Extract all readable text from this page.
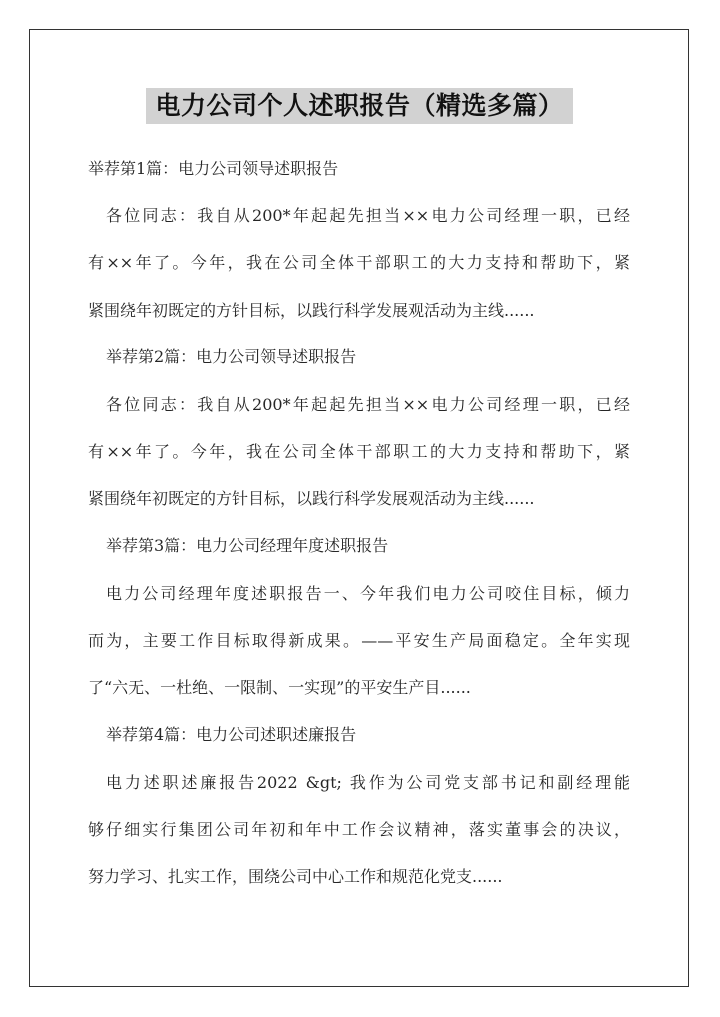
电力公司个人述职报告（精选多篇）
举荐第1篇：电力公司领导述职报告
各位同志：我自从200*年起起先担当××电力公司经理一职，已经
有××年了。今年，我在公司全体干部职工的大力支持和帮助下，紧
紧围绕年初既定的方针目标，以践行科学发展观活动为主线......
举荐第2篇：电力公司领导述职报告
各位同志：我自从200*年起起先担当××电力公司经理一职，已经
有××年了。今年，我在公司全体干部职工的大力支持和帮助下，紧
紧围绕年初既定的方针目标，以践行科学发展观活动为主线......
举荐第3篇：电力公司经理年度述职报告
电力公司经理年度述职报告一、今年我们电力公司咬住目标，倾力
而为，主要工作目标取得新成果。——平安生产局面稳定。全年实现
了“六无、一杜绝、一限制、一实现”的平安生产目......
举荐第4篇：电力公司述职述廉报告
电力述职述廉报告2022 &gt; 我作为公司党支部书记和副经理能
够仔细实行集团公司年初和年中工作会议精神，落实董事会的决议，
努力学习、扎实工作，围绕公司中心工作和规范化党支......
